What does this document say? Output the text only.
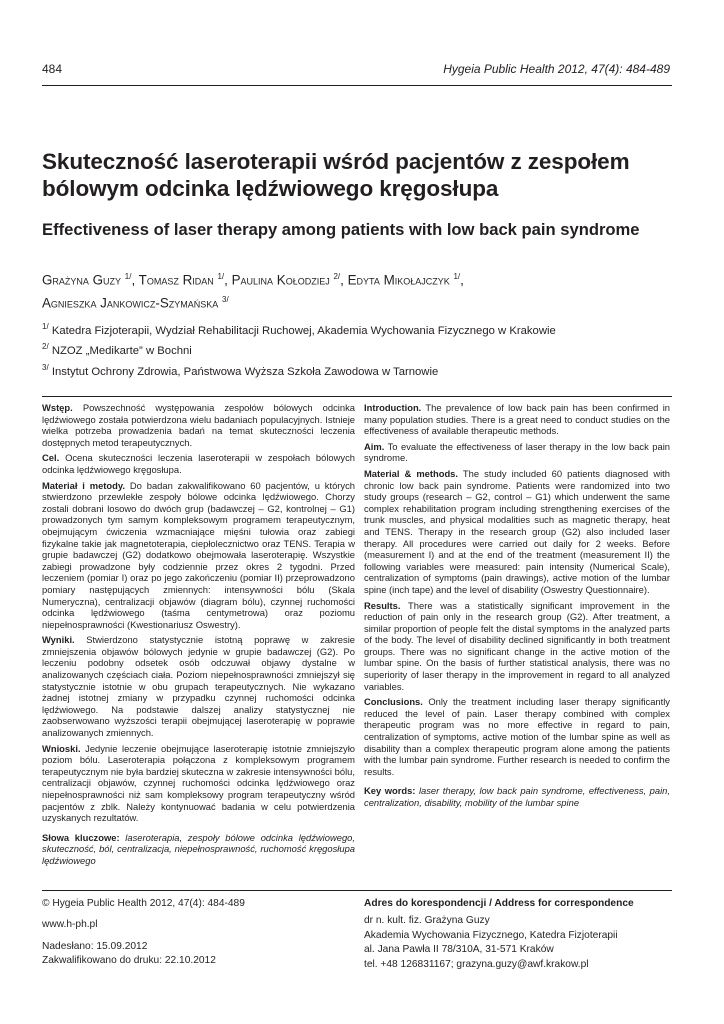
484	Hygeia Public Health 2012, 47(4): 484-489
Skuteczność laseroterapii wśród pacjentów z zespołem
bólowym odcinka lędźwiowego kręgosłupa
Effectiveness of laser therapy among patients with low back pain syndrome
Grażyna Guzy $^{1/}$, Tomasz Ridan $^{1/}$, Paulina Kołodziej $^{2/}$, Edyta Mikołajczyk $^{1/}$,
Agnieszka Jankowicz-Szymańska $^{3/}$
$^{1/}$ Katedra Fizjoterapii, Wydział Rehabilitacji Ruchowej, Akademia Wychowania Fizycznego w Krakowie
$^{2/}$ NZOZ „Medikarte” w Bochni
$^{3/}$ Instytut Ochrony Zdrowia, Państwowa Wyższa Szkoła Zawodowa w Tarnowie

Wstęp. Powszechność występowania zespołów bólowych odcinka lędźwiowego została potwierdzona wielu badaniach populacyjnych. Istnieje wielka potrzeba prowadzenia badań na temat skuteczności leczenia dostępnych metod terapeutycznych.

Cel. Ocena skuteczności leczenia laseroterapii w zespołach bólowych odcinka lędźwiowego kręgosłupa.

Materiał i metody. Do badan zakwalifikowano 60 pacjentów, u których stwierdzono przewlekłe zespoły bólowe odcinka lędźwiowego. Chorzy zostali dobrani losowo do dwóch grup (badawczej – G2, kontrolnej – G1) prowadzonych tym samym kompleksowym programem terapeutycznym, obejmującym ćwiczenia wzmacniające mięśni tułowia oraz zabiegi fizykalne takie jak magnetoterapia, ciepłolecznictwo oraz TENS. Terapia w grupie badawczej (G2) dodatkowo obejmowała laseroterapię. Wszystkie zabiegi prowadzone były codziennie przez okres 2 tygodni. Przed leczeniem (pomiar I) oraz po jego zakończeniu (pomiar II) przeprowadzono pomiary następujących zmiennych: intensywności bólu (Skala Numeryczna), centralizacji objawów (diagram bólu), czynnej ruchomości odcinka lędźwiowego (taśma centymetrowa) oraz poziomu niepełnosprawności (Kwestionariusz Oswestry).

Wyniki. Stwierdzono statystycznie istotną poprawę w zakresie zmniejszenia objawów bólowych jedynie w grupie badawczej (G2). Po leczeniu podobny odsetek osób odczuwał objawy dystalne w analizowanych częściach ciała. Poziom niepełnosprawności zmniejszył się statystycznie istotnie w obu grupach terapeutycznych. Nie wykazano żadnej istotnej zmiany w przypadku czynnej ruchomości odcinka lędźwiowego. Na podstawie dalszej analizy statystycznej nie zaobserwowano wyższości terapii obejmującej laseroterapię w poprawie analizowanych zmiennych.

Wnioski. Jedynie leczenie obejmujące laseroterapię istotnie zmniejszyło poziom bólu. Laseroterapia połączona z kompleksowym programem terapeutycznym nie była bardziej skuteczna w zakresie intensywności bólu, centralizacji objawów, czynnej ruchomości odcinka lędźwiowego oraz niepełnosprawności niż sam kompleksowy program terapeutyczny wśród pacjentów z zblk. Należy kontynuować badania w celu potwierdzenia uzyskanych rezultatów.

Słowa kluczowe: laseroterapia, zespoły bólowe odcinka lędźwiowego, skuteczność, ból, centralizacja, niepełnosprawność, ruchomość kręgosłupa lędźwiowego

Introduction. The prevalence of low back pain has been confirmed in many population studies. There is a great need to conduct studies on the effectiveness of available therapeutic methods.

Aim. To evaluate the effectiveness of laser therapy in the low back pain syndrome.

Material & methods. The study included 60 patients diagnosed with chronic low back pain syndrome. Patients were randomized into two study groups (research – G2, control – G1) which underwent the same complex rehabilitation program including strengthening exercises of the trunk muscles, and physical modalities such as magnetic therapy, heat and TENS. Therapy in the research group (G2) also included laser therapy. All procedures were carried out daily for 2 weeks. Before (measurement I) and at the end of the treatment (measurement II) the following variables were measured: pain intensity (Numerical Scale), centralization of symptoms (pain drawings), active motion of the lumbar spine (inch tape) and the level of disability (Oswestry Questionnaire).

Results. There was a statistically significant improvement in the reduction of pain only in the research group (G2). After treatment, a similar proportion of people felt the distal symptoms in the analyzed parts of the body. The level of disability declined significantly in both treatment groups. There was no significant change in the active motion of the lumbar spine. On the basis of further statistical analysis, there was no superiority of laser therapy in the improvement in regard to all analyzed variables.

Conclusions. Only the treatment including laser therapy significantly reduced the level of pain. Laser therapy combined with complex therapeutic program was no more effective in regard to pain, centralization of symptoms, active motion of the lumbar spine as well as disability than a complex therapeutic program alone among the patients with the lumbar pain syndrome. Further research is needed to confirm the results.

Key words: laser therapy, low back pain syndrome, effectiveness, pain, centralization, disability, mobility of the lumbar spine

© Hygeia Public Health 2012, 47(4): 484-489
www.h-ph.pl
Nadesłano: 15.09.2012
Zakwalifikowano do druku: 22.10.2012
Adres do korespondencji / Address for correspondence
dr n. kult. fiz. Grażyna Guzy
Akademia Wychowania Fizycznego, Katedra Fizjoterapii
al. Jana Pawła II 78/310A, 31-571 Kraków
tel. +48 126831167; grazyna.guzy@awf.krakow.pl
